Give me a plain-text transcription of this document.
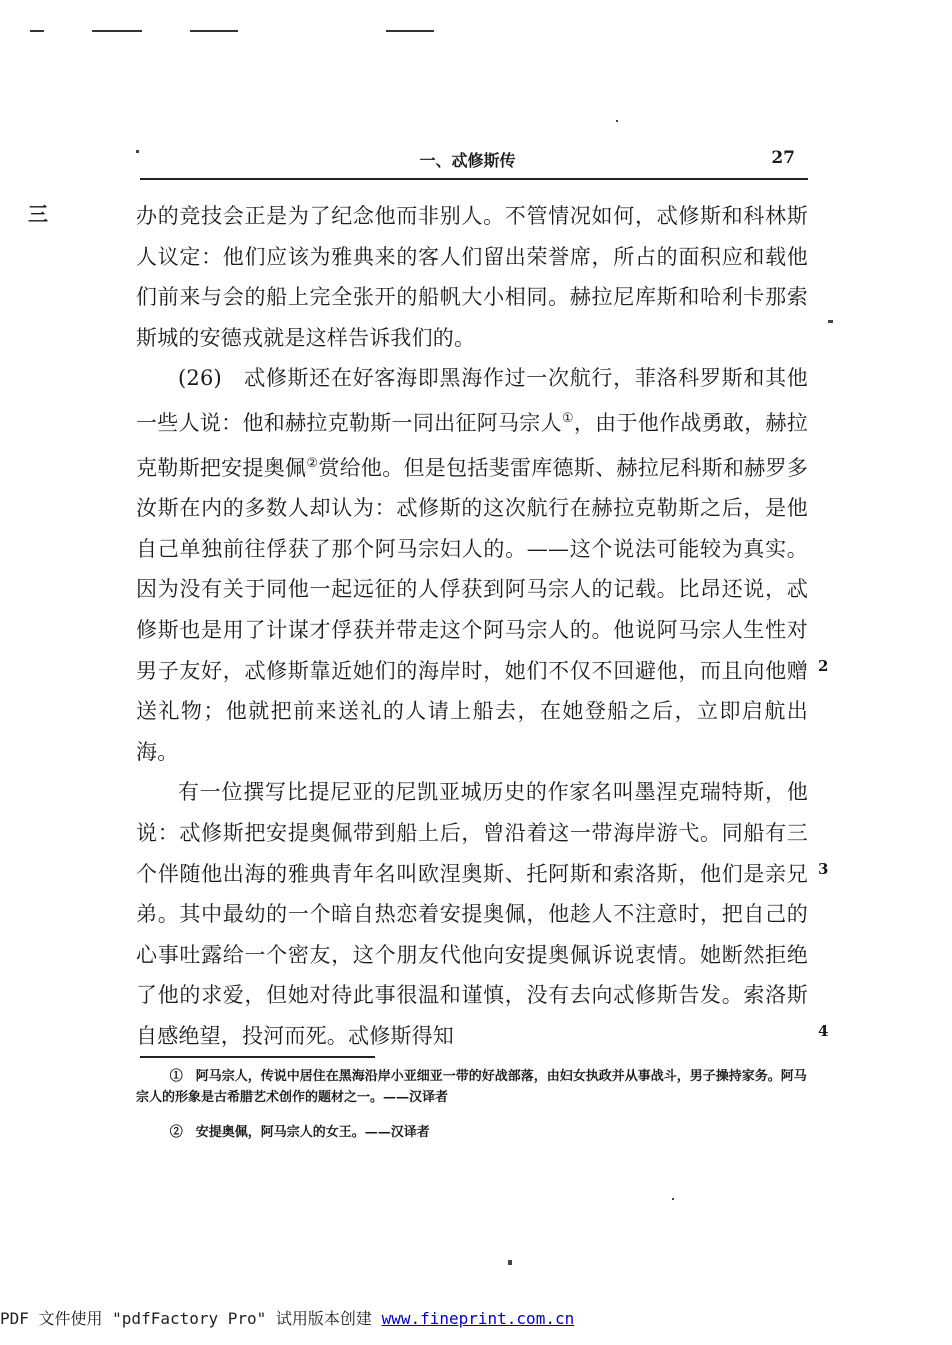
一、忒修斯传	27
三	办的竞技会正是为了纪念他而非别人。不管情况如何，忒修斯和科林斯人议定：他们应该为雅典来的客人们留出荣誉席，所占的面积应和载他们前来与会的船上完全张开的船帆大小相同。赫拉尼库斯和哈利卡那索斯城的安德戎就是这样告诉我们的。

(26)　忒修斯还在好客海即黑海作过一次航行，菲洛科罗斯和其他一些人说：他和赫拉克勒斯一同出征阿马宗人①，由于他作战勇敢，赫拉克勒斯把安提奥佩②赏给他。但是包括斐雷库德斯、赫拉尼科斯和赫罗多汝斯在内的多数人却认为：忒修斯的这次航行在赫拉克勒斯之后，是他自己单独前往俘获了那个阿马宗妇人的。——这个说法可能较为真实。因为没有关于同他一起远征的人俘获到阿马宗人的记载。比昂还说，忒修斯也是用了计谋才俘获并带走这个阿马宗人的。他说阿马宗人生性对男子友好，忒修斯靠近她们的海岸时，她们不仅不回避他，而且向他赠送礼物；他就把前来送礼的人请上船去，在她登船之后，立即启航出海。

有一位撰写比提尼亚的尼凯亚城历史的作家名叫墨涅克瑞特斯，他说：忒修斯把安提奥佩带到船上后，曾沿着这一带海岸游弋。同船有三个伴随他出海的雅典青年名叫欧涅奥斯、托阿斯和索洛斯，他们是亲兄弟。其中最幼的一个暗自热恋着安提奥佩，他趁人不注意时，把自己的心事吐露给一个密友，这个朋友代他向安提奥佩诉说衷情。她断然拒绝了他的求爱，但她对待此事很温和谨慎，没有去向忒修斯告发。索洛斯自感绝望，投河而死。忒修斯得知

2
3
4

①　阿马宗人，传说中居住在黑海沿岸小亚细亚一带的好战部落，由妇女执政并从事战斗，男子操持家务。阿马宗人的形象是古希腊艺术创作的题材之一。——汉译者

②　安提奥佩，阿马宗人的女王。——汉译者

PDF 文件使用 "pdfFactory Pro" 试用版本创建 www.fineprint.com.cn
